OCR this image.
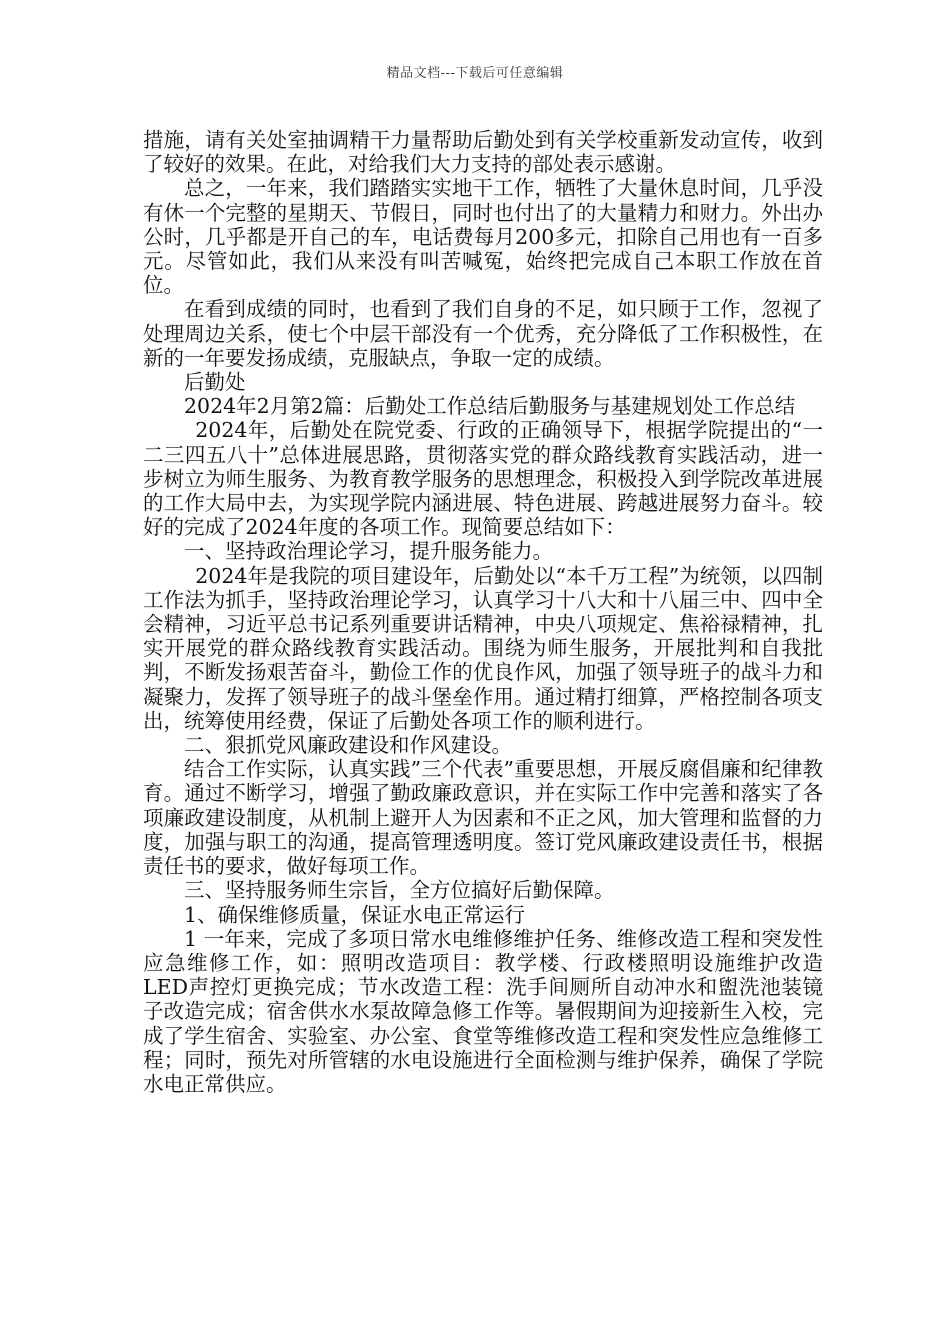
精品文档---下载后可任意编辑

措施，请有关处室抽调精干力量帮助后勤处到有关学校重新发动宣传，收到了较好的效果。在此，对给我们大力支持的部处表示感谢。

总之，一年来，我们踏踏实实地干工作，牺牲了大量休息时间，几乎没有休一个完整的星期天、节假日，同时也付出了的大量精力和财力。外出办公时，几乎都是开自己的车，电话费每月200多元，扣除自己用也有一百多元。尽管如此，我们从来没有叫苦喊冤，始终把完成自己本职工作放在首位。

在看到成绩的同时，也看到了我们自身的不足，如只顾于工作，忽视了处理周边关系，使七个中层干部没有一个优秀，充分降低了工作积极性，在新的一年要发扬成绩，克服缺点，争取一定的成绩。

后勤处

2024年2月第2篇：后勤处工作总结后勤服务与基建规划处工作总结

2024年，后勤处在院党委、行政的正确领导下，根据学院提出的“一二三四五八十”总体进展思路，贯彻落实党的群众路线教育实践活动，进一步树立为师生服务、为教育教学服务的思想理念，积极投入到学院改革进展的工作大局中去，为实现学院内涵进展、特色进展、跨越进展努力奋斗。较好的完成了2024年度的各项工作。现简要总结如下：

一、坚持政治理论学习，提升服务能力。

2024年是我院的项目建设年，后勤处以“本千万工程”为统领，以四制工作法为抓手，坚持政治理论学习，认真学习十八大和十八届三中、四中全会精神，习近平总书记系列重要讲话精神，中央八项规定、焦裕禄精神，扎实开展党的群众路线教育实践活动。围绕为师生服务，开展批判和自我批判，不断发扬艰苦奋斗，勤俭工作的优良作风，加强了领导班子的战斗力和凝聚力，发挥了领导班子的战斗堡垒作用。通过精打细算，严格控制各项支出，统筹使用经费，保证了后勤处各项工作的顺利进行。

二、狠抓党风廉政建设和作风建设。

结合工作实际，认真实践”三个代表”重要思想，开展反腐倡廉和纪律教育。通过不断学习，增强了勤政廉政意识，并在实际工作中完善和落实了各项廉政建设制度，从机制上避开人为因素和不正之风，加大管理和监督的力度，加强与职工的沟通，提高管理透明度。签订党风廉政建设责任书，根据责任书的要求，做好每项工作。

三、坚持服务师生宗旨，全方位搞好后勤保障。

1、确保维修质量，保证水电正常运行

1 一年来，完成了多项日常水电维修维护任务、维修改造工程和突发性应急维修工作，如：照明改造项目：教学楼、行政楼照明设施维护改造LED声控灯更换完成；节水改造工程：洗手间厕所自动冲水和盥洗池装镜子改造完成；宿舍供水水泵故障急修工作等。暑假期间为迎接新生入校，完成了学生宿舍、实验室、办公室、食堂等维修改造工程和突发性应急维修工程；同时，预先对所管辖的水电设施进行全面检测与维护保养，确保了学院水电正常供应。
